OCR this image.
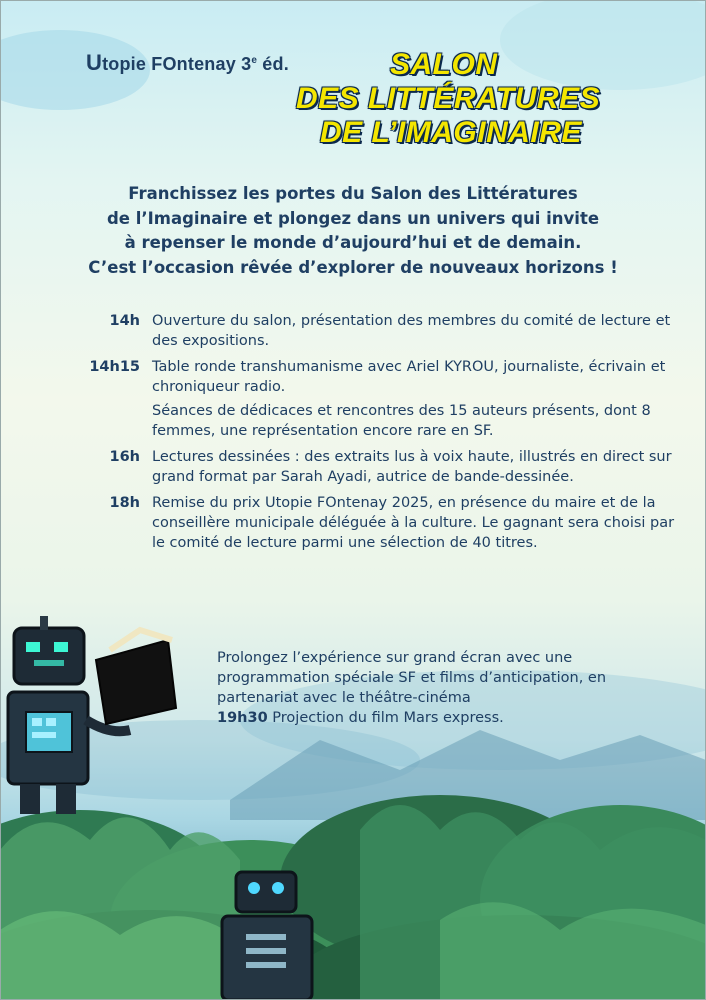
Utopie FOntenay 3e éd.	SALON
DES LITTÉRATURES
DE L’IMAGINAIRE
Franchissez les portes du Salon des Littératures
de l’Imaginaire et plongez dans un univers qui invite
à repenser le monde d’aujourd’hui et de demain.
C’est l’occasion rêvée d’explorer de nouveaux horizons !
14h Ouverture du salon, présentation des membres du comité de lecture et des expositions.
14h15 Table ronde transhumanisme avec Ariel KYROU, journaliste, écrivain et chroniqueur radio.
Séances de dédicaces et rencontres des 15 auteurs présents, dont 8 femmes, une représentation encore rare en SF.
16h Lectures dessinées : des extraits lus à voix haute, illustrés en direct sur grand format par Sarah Ayadi, autrice de bande-dessinée.
18h Remise du prix Utopie FOntenay 2025, en présence du maire et de la conseillère municipale déléguée à la culture. Le gagnant sera choisi par le comité de lecture parmi une sélection de 40 titres.
Prolongez l’expérience sur grand écran avec une programmation spéciale SF et films d’anticipation, en partenariat avec le théâtre-cinéma
19h30 Projection du film Mars express.
